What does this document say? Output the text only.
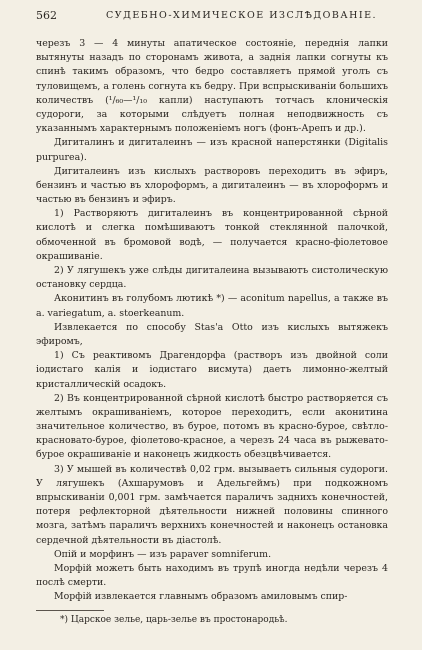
562	СУДЕБНО-ХИМИЧЕСКОЕ ИЗСЛѢДОВАНІЕ.

черезъ 3 — 4 минуты апатическое состояніе, переднія лапки вытянуты назадъ по сторонамъ живота, а заднія лапки согнуты къ спинѣ такимъ образомъ, что бедро составляетъ прямой уголъ съ туловищемъ, а голень согнута къ бедру. При вспрыскиваніи большихъ количествъ (¹/₆₀—¹/₁₀ капли) наступаютъ тотчасъ клоническія судороги, за которыми слѣдуетъ полная неподвижность съ указаннымъ характернымъ положеніемъ ногъ (фонъ-Арепъ и др.).

Дигиталинъ и дигиталеинъ — изъ красной наперстянки (Digitalis purpurea).

Дигиталеинъ изъ кислыхъ растворовъ переходитъ въ эфиръ, бензинъ и частью въ хлороформъ, а дигиталеинъ — въ хлороформъ и частью въ бензинъ и эфиръ.

1) Растворяютъ дигиталеинъ въ концентрированной сѣрной кислотѣ и слегка помѣшиваютъ тонкой стеклянной палочкой, обмоченной въ бромовой водѣ, — получается красно-фіолетовое окрашиваніе.

2) У лягушекъ уже слѣды дигиталеина вызываютъ систолическую остановку сердца.

Аконитинъ въ голубомъ лютикѣ *) — aconitum napellus, а также въ a. variegatum, a. stoerkeanum.

Извлекается по способу Stas'a Otto изъ кислыхъ вытяжекъ эфиромъ,

1) Съ реактивомъ Драгендорфа (растворъ изъ двойной соли іодистаго калія и іодистаго висмута) даетъ лимонно-желтый кристаллическій осадокъ.

2) Въ концентрированной сѣрной кислотѣ быстро растворяется съ желтымъ окрашиваніемъ, которое переходитъ, если аконитина значительное количество, въ бурое, потомъ въ красно-бурое, свѣтло-красновато-бурое, фіолетово-красное, а черезъ 24 часа въ рыжевато-бурое окрашиваніе и наконецъ жидкость обезцвѣчивается.

3) У мышей въ количествѣ 0,02 грм. вызываетъ сильныя судороги. У лягушекъ (Ахшарумовъ и Адельгеймъ) при подкожномъ впрыскиваніи 0,001 грм. замѣчается параличъ заднихъ конечностей, потеря рефлекторной дѣятельности нижней половины спинного мозга, затѣмъ параличъ верхнихъ конечностей и наконецъ остановка сердечной дѣятельности въ діастолѣ.

Опій и морфинъ — изъ papaver somniferum.

Морфій можетъ быть находимъ въ трупѣ иногда недѣли черезъ 4 послѣ смерти.

Морфій извлекается главнымъ образомъ амиловымъ спир-

*) Царское зелье, царь-зелье въ простонародьѣ.
